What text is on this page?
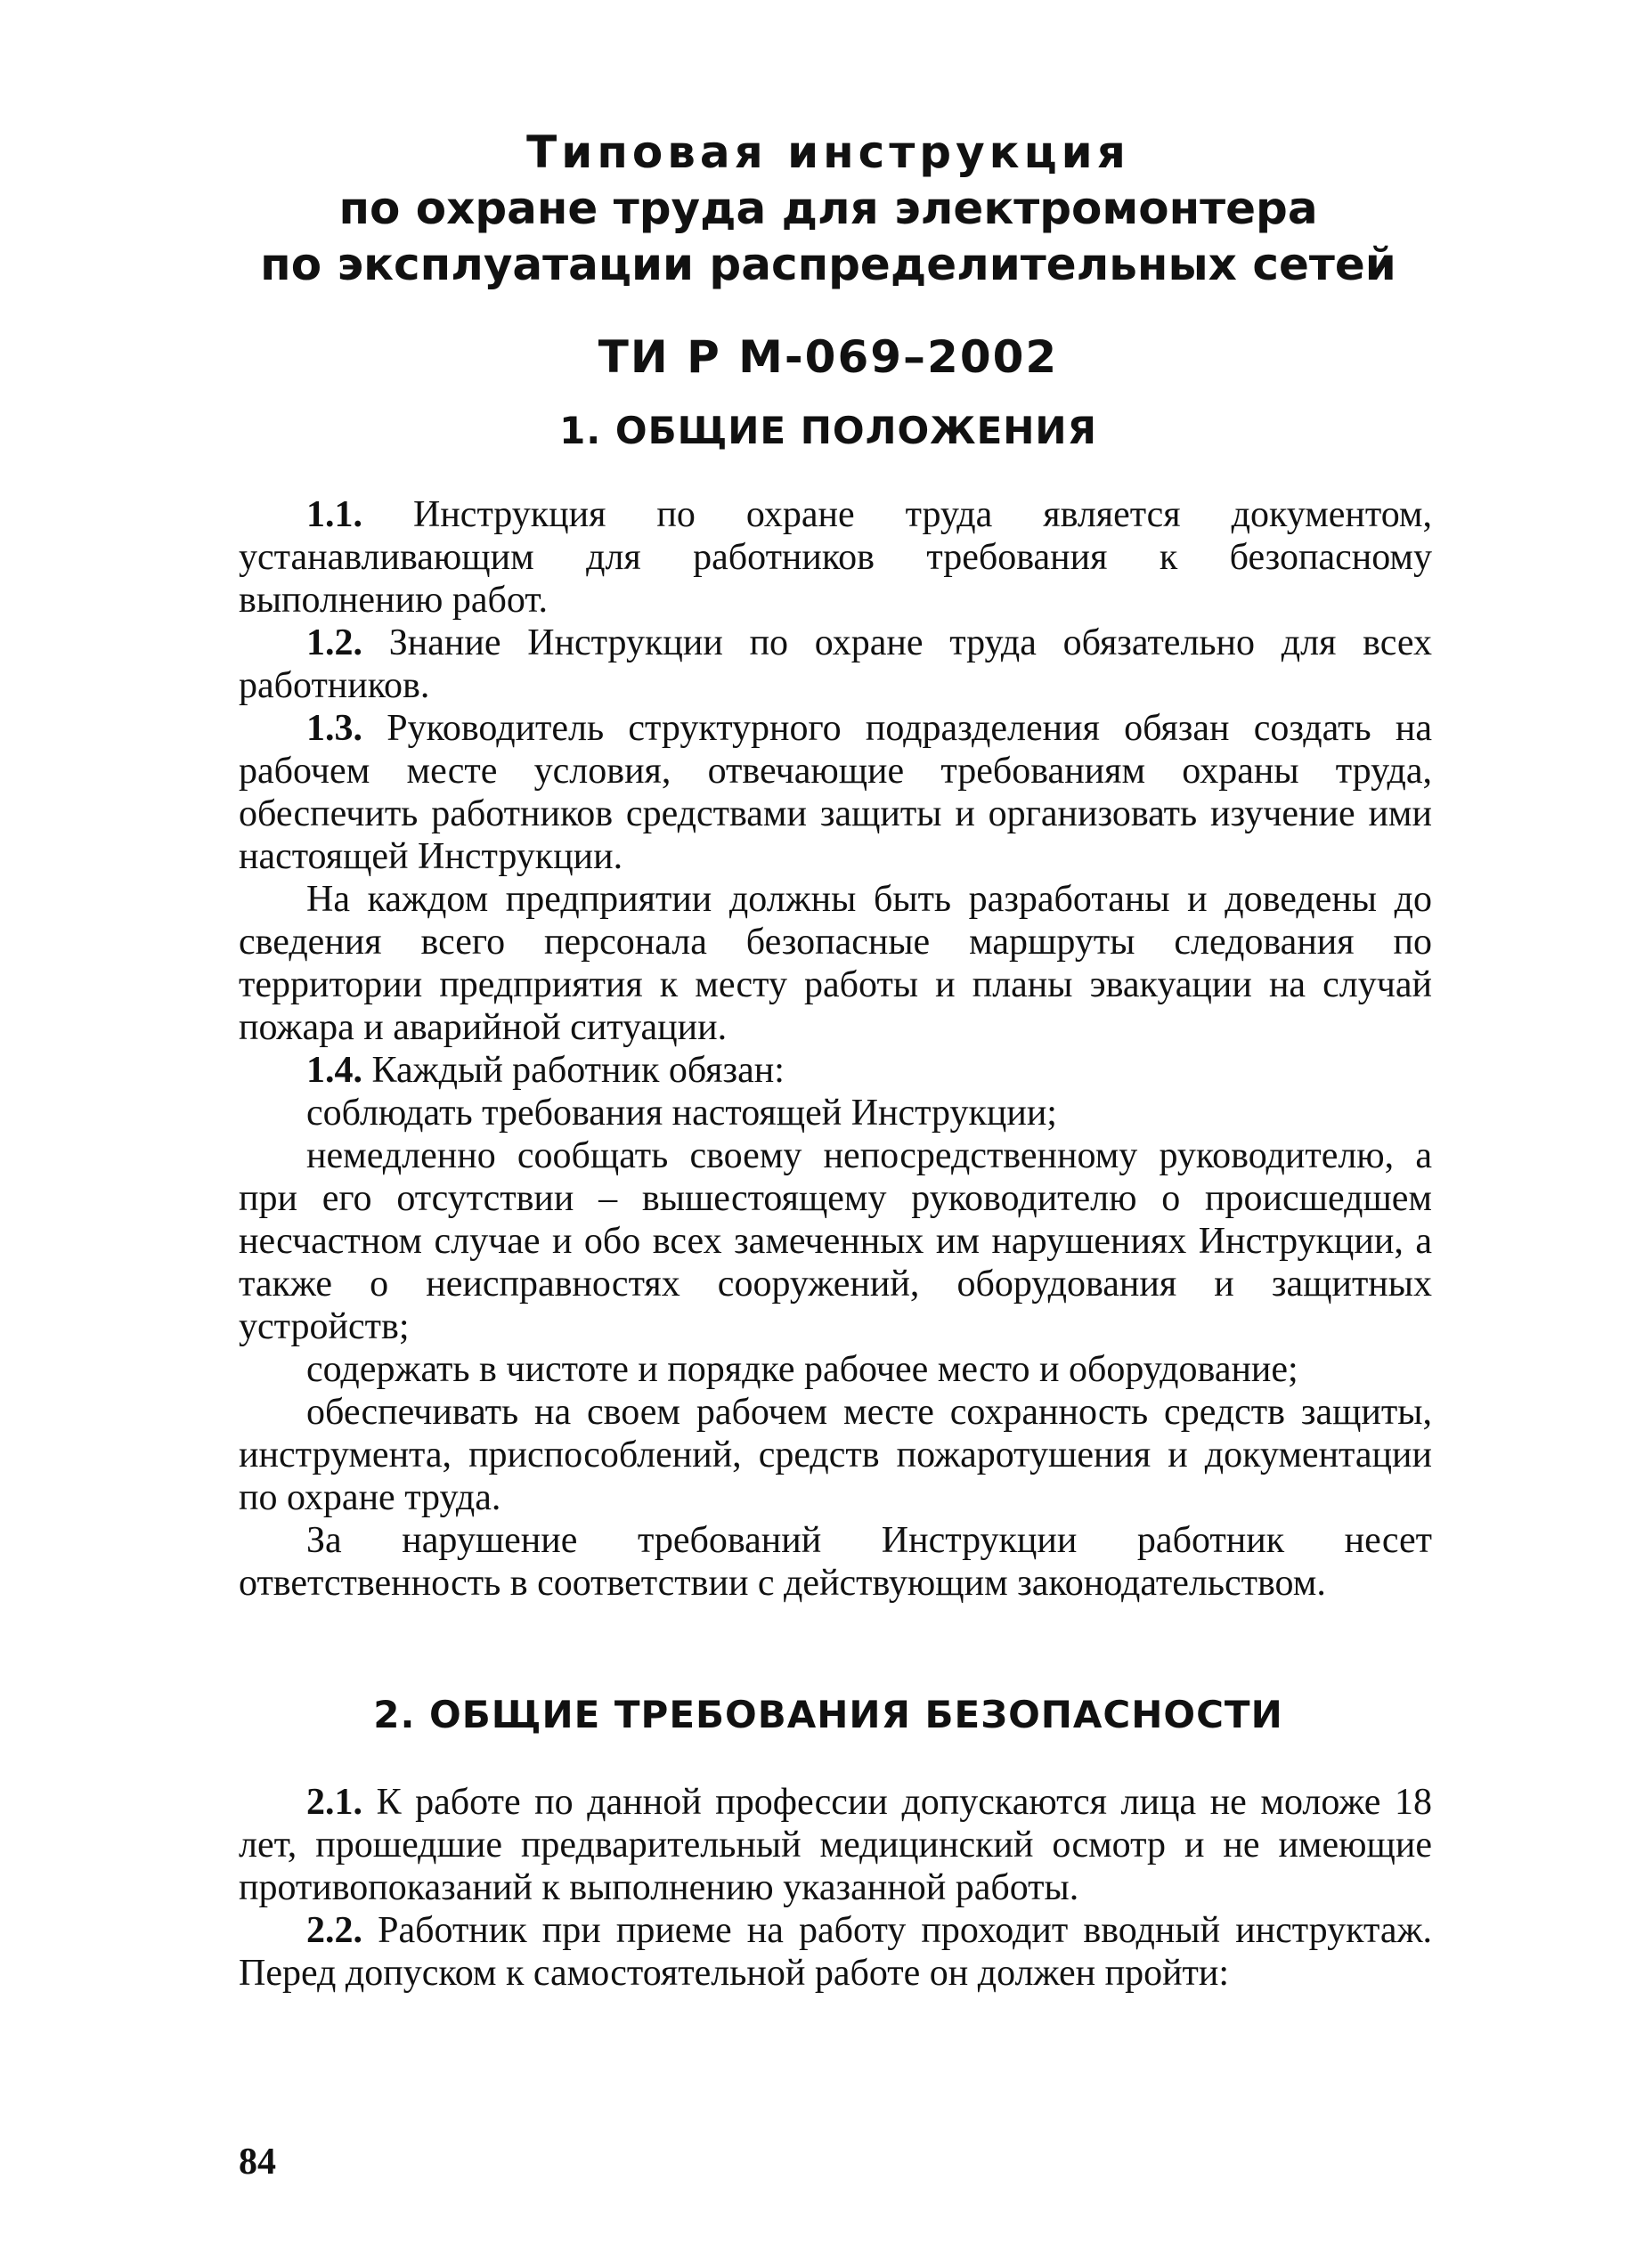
Типовая инструкция
по охране труда для электромонтера
по эксплуатации распределительных сетей
ТИ Р М-069–2002
1. ОБЩИЕ ПОЛОЖЕНИЯ

1.1. Инструкция по охране труда является документом, устанавливающим для работников требования к безопасному выполнению работ.

1.2. Знание Инструкции по охране труда обязательно для всех работников.

1.3. Руководитель структурного подразделения обязан создать на рабочем месте условия, отвечающие требованиям охраны труда, обеспечить работников средствами защиты и организовать изучение ими настоящей Инструкции.

На каждом предприятии должны быть разработаны и доведены до сведения всего персонала безопасные маршруты следования по территории предприятия к месту работы и планы эвакуации на случай пожара и аварийной ситуации.

1.4. Каждый работник обязан:

соблюдать требования настоящей Инструкции;

немедленно сообщать своему непосредственному руководителю, а при его отсутствии – вышестоящему руководителю о происшедшем несчастном случае и обо всех замеченных им нарушениях Инструкции, а также о неисправностях сооружений, оборудования и защитных устройств;

содержать в чистоте и порядке рабочее место и оборудование;

обеспечивать на своем рабочем месте сохранность средств защиты, инструмента, приспособлений, средств пожаротушения и документации по охране труда.

За нарушение требований Инструкции работник несет ответственность в соответствии с действующим законодательством.

2. ОБЩИЕ ТРЕБОВАНИЯ БЕЗОПАСНОСТИ

2.1. К работе по данной профессии допускаются лица не моложе 18 лет, прошедшие предварительный медицинский осмотр и не имеющие противопоказаний к выполнению указанной работы.

2.2. Работник при приеме на работу проходит вводный инструктаж. Перед допуском к самостоятельной работе он должен пройти:

84
